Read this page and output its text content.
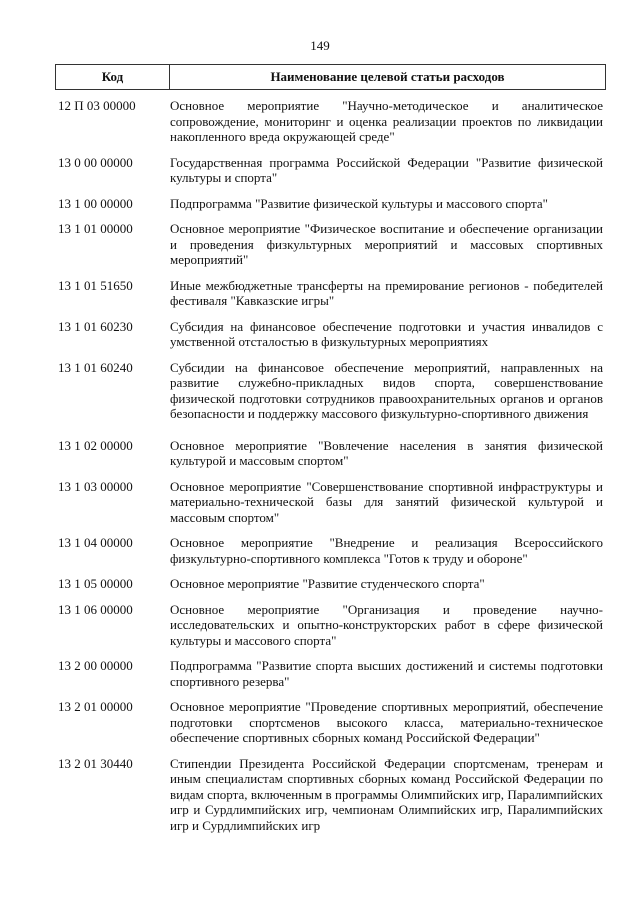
149
Код	Наименование целевой статьи расходов
12 П 03 00000	Основное мероприятие "Научно-методическое и аналитическое сопровождение, мониторинг и оценка реализации проектов по ликвидации накопленного вреда окружающей среде"
13 0 00 00000	Государственная программа Российской Федерации "Развитие физической культуры и спорта"
13 1 00 00000	Подпрограмма "Развитие физической культуры и массового спорта"
13 1 01 00000	Основное мероприятие "Физическое воспитание и обеспечение организации и проведения физкультурных мероприятий и массовых спортивных мероприятий"
13 1 01 51650	Иные межбюджетные трансферты на премирование регионов - победителей фестиваля "Кавказские игры"
13 1 01 60230	Субсидия на финансовое обеспечение подготовки и участия инвалидов с умственной отсталостью в физкультурных мероприятиях
13 1 01 60240	Субсидии на финансовое обеспечение мероприятий, направленных на развитие служебно-прикладных видов спорта, совершенствование физической подготовки сотрудников правоохранительных органов и органов безопасности и поддержку массового физкультурно-спортивного движения
13 1 02 00000	Основное мероприятие "Вовлечение населения в занятия физической культурой и массовым спортом"
13 1 03 00000	Основное мероприятие "Совершенствование спортивной инфраструктуры и материально-технической базы для занятий физической культурой и массовым спортом"
13 1 04 00000	Основное мероприятие "Внедрение и реализация Всероссийского физкультурно-спортивного комплекса "Готов к труду и обороне"
13 1 05 00000	Основное мероприятие "Развитие студенческого спорта"
13 1 06 00000	Основное мероприятие "Организация и проведение научно-исследовательских и опытно-конструкторских работ в сфере физической культуры и массового спорта"
13 2 00 00000	Подпрограмма "Развитие спорта высших достижений и системы подготовки спортивного резерва"
13 2 01 00000	Основное мероприятие "Проведение спортивных мероприятий, обеспечение подготовки спортсменов высокого класса, материально-техническое обеспечение спортивных сборных команд Российской Федерации"
13 2 01 30440	Стипендии Президента Российской Федерации спортсменам, тренерам и иным специалистам спортивных сборных команд Российской Федерации по видам спорта, включенным в программы Олимпийских игр, Паралимпийских игр и Сурдлимпийских игр, чемпионам Олимпийских игр, Паралимпийских игр и Сурдлимпийских игр
